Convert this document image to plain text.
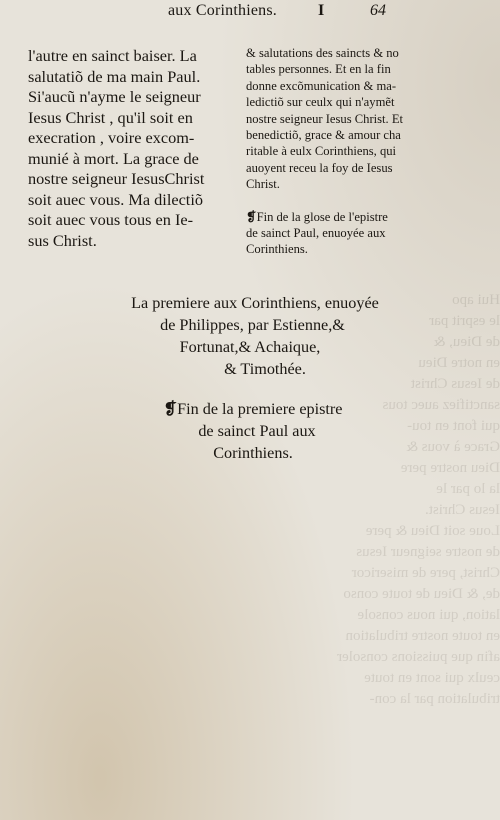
Hui apo
le esprit par
de Dieu, &
en notre Dieu
de Iesus Christ
sanctifiez auec tous
qui font en tou-
Grace à vous &
Dieu nostre pere
la lo par le
Iesus Christ.
Loue soit Dieu & pere
de nostre seigneur Iesus
Christ, pere de misericor
de, & Dieu de toute conso
lation, qui nous console
en toute nostre tribulation
afin que puissions consoler
ceulx qui sont en toute
tribulation par la con-
aux Corinthiens.	I	64
l'autre en sainct baiser. La
salutatiõ de ma main Paul.
Si'aucũ n'ayme le seigneur
Iesus Christ , qu'il soit en
execration , voire excom-
munié à mort. La grace de
nostre seigneur IesusChrist
soit auec vous. Ma dilectiõ
soit auec vous tous en Ie-
sus Christ.
& salutations des saincts & no
tables personnes. Et en la fin
donne excõmunication & ma-
ledictiõ sur ceulx qui n'aymẽt
nostre seigneur Iesus Christ. Et
benedictiõ, grace & amour cha
ritable à eulx Corinthiens, qui
auoyent receu la foy de Iesus
Christ.
❡Fin de la glose de l'epistre
de sainct Paul, enuoyée aux
Corinthiens.
La premiere aux Corinthiens, enuoyée
de Philippes, par Estienne,&
Fortunat,& Achaique,
& Timothée.
❡Fin de la premiere epistre
de sainct Paul aux
Corinthiens.
